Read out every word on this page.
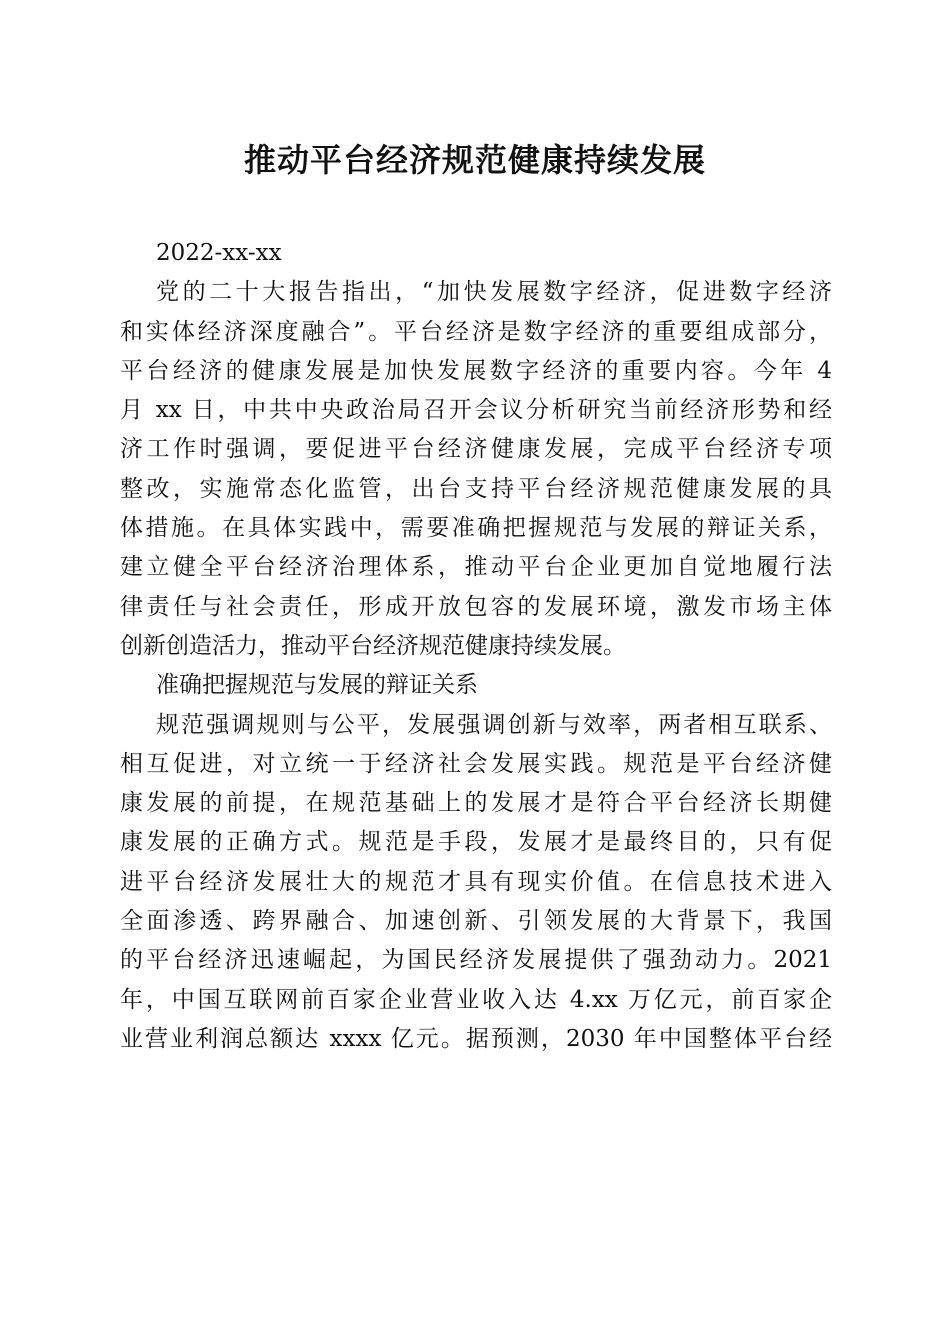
推动平台经济规范健康持续发展
2022-xx-xx
党的二十大报告指出，“加快发展数字经济，促进数字经济
和实体经济深度融合”。平台经济是数字经济的重要组成部分，
平台经济的健康发展是加快发展数字经济的重要内容。今年 4
月 xx 日，中共中央政治局召开会议分析研究当前经济形势和经
济工作时强调，要促进平台经济健康发展，完成平台经济专项
整改，实施常态化监管，出台支持平台经济规范健康发展的具
体措施。在具体实践中，需要准确把握规范与发展的辩证关系，
建立健全平台经济治理体系，推动平台企业更加自觉地履行法
律责任与社会责任，形成开放包容的发展环境，激发市场主体
创新创造活力，推动平台经济规范健康持续发展。
准确把握规范与发展的辩证关系
规范强调规则与公平，发展强调创新与效率，两者相互联系、
相互促进，对立统一于经济社会发展实践。规范是平台经济健
康发展的前提，在规范基础上的发展才是符合平台经济长期健
康发展的正确方式。规范是手段，发展才是最终目的，只有促
进平台经济发展壮大的规范才具有现实价值。在信息技术进入
全面渗透、跨界融合、加速创新、引领发展的大背景下，我国
的平台经济迅速崛起，为国民经济发展提供了强劲动力。2021
年，中国互联网前百家企业营业收入达 4.xx 万亿元，前百家企
业营业利润总额达 xxxx 亿元。据预测，2030 年中国整体平台经
